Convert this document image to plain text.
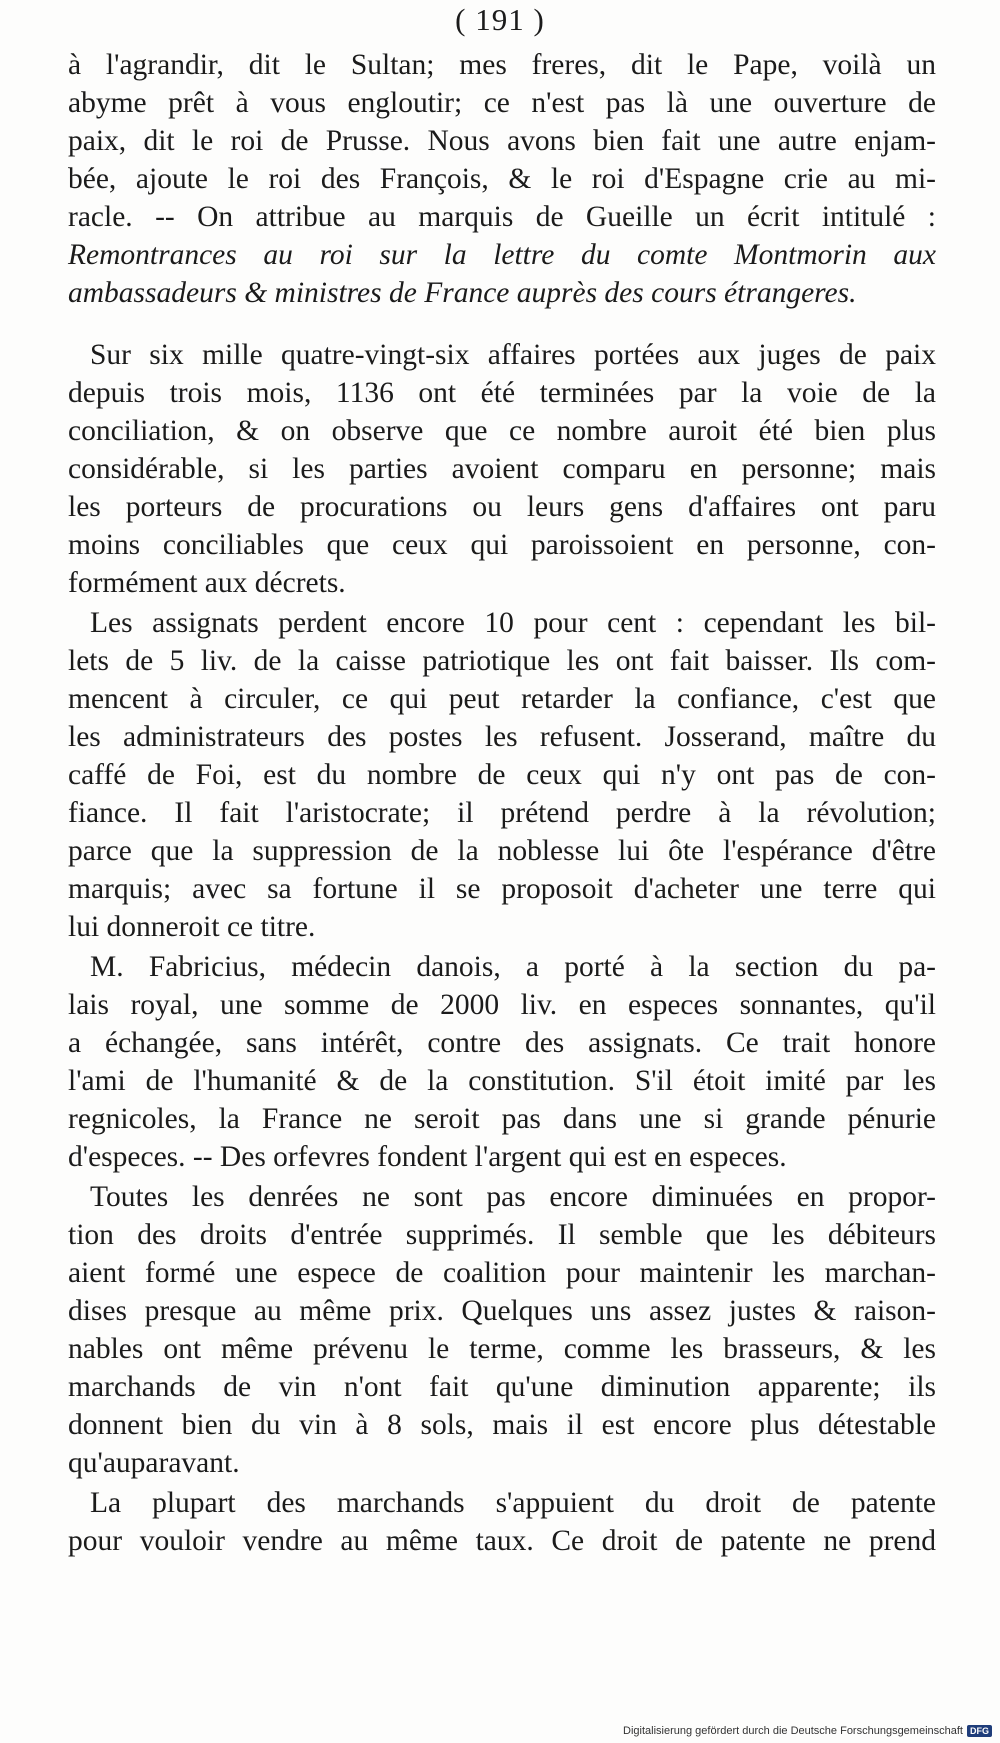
( 191 )
à l'agrandir, dit le Sultan; mes freres, dit le Pape, voilà un
abyme prêt à vous engloutir; ce n'est pas là une ouverture de
paix, dit le roi de Prusse. Nous avons bien fait une autre enjam-
bée, ajoute le roi des François, & le roi d'Espagne crie au mi-
racle. -- On attribue au marquis de Gueille un écrit intitulé :
Remontrances au roi sur la lettre du comte Montmorin aux
ambassadeurs & ministres de France auprès des cours étrangeres.
Sur six mille quatre-vingt-six affaires portées aux juges de paix
depuis trois mois, 1136 ont été terminées par la voie de la
conciliation, & on observe que ce nombre auroit été bien plus
considérable, si les parties avoient comparu en personne; mais
les porteurs de procurations ou leurs gens d'affaires ont paru
moins conciliables que ceux qui paroissoient en personne, con-
formément aux décrets.
Les assignats perdent encore 10 pour cent : cependant les bil-
lets de 5 liv. de la caisse patriotique les ont fait baisser. Ils com-
mencent à circuler, ce qui peut retarder la confiance, c'est que
les administrateurs des postes les refusent. Josserand, maître du
caffé de Foi, est du nombre de ceux qui n'y ont pas de con-
fiance. Il fait l'aristocrate; il prétend perdre à la révolution;
parce que la suppression de la noblesse lui ôte l'espérance d'être
marquis; avec sa fortune il se proposoit d'acheter une terre qui
lui donneroit ce titre.
M. Fabricius, médecin danois, a porté à la section du pa-
lais royal, une somme de 2000 liv. en especes sonnantes, qu'il
a échangée, sans intérêt, contre des assignats. Ce trait honore
l'ami de l'humanité & de la constitution. S'il étoit imité par les
regnicoles, la France ne seroit pas dans une si grande pénurie
d'especes. -- Des orfevres fondent l'argent qui est en especes.
Toutes les denrées ne sont pas encore diminuées en propor-
tion des droits d'entrée supprimés. Il semble que les débiteurs
aient formé une espece de coalition pour maintenir les marchan-
dises presque au même prix. Quelques uns assez justes & raison-
nables ont même prévenu le terme, comme les brasseurs, & les
marchands de vin n'ont fait qu'une diminution apparente; ils
donnent bien du vin à 8 sols, mais il est encore plus détestable
qu'auparavant.
La plupart des marchands s'appuient du droit de patente
pour vouloir vendre au même taux. Ce droit de patente ne prend
Digitalisierung gefördert durch die Deutsche Forschungsgemeinschaft DFG
